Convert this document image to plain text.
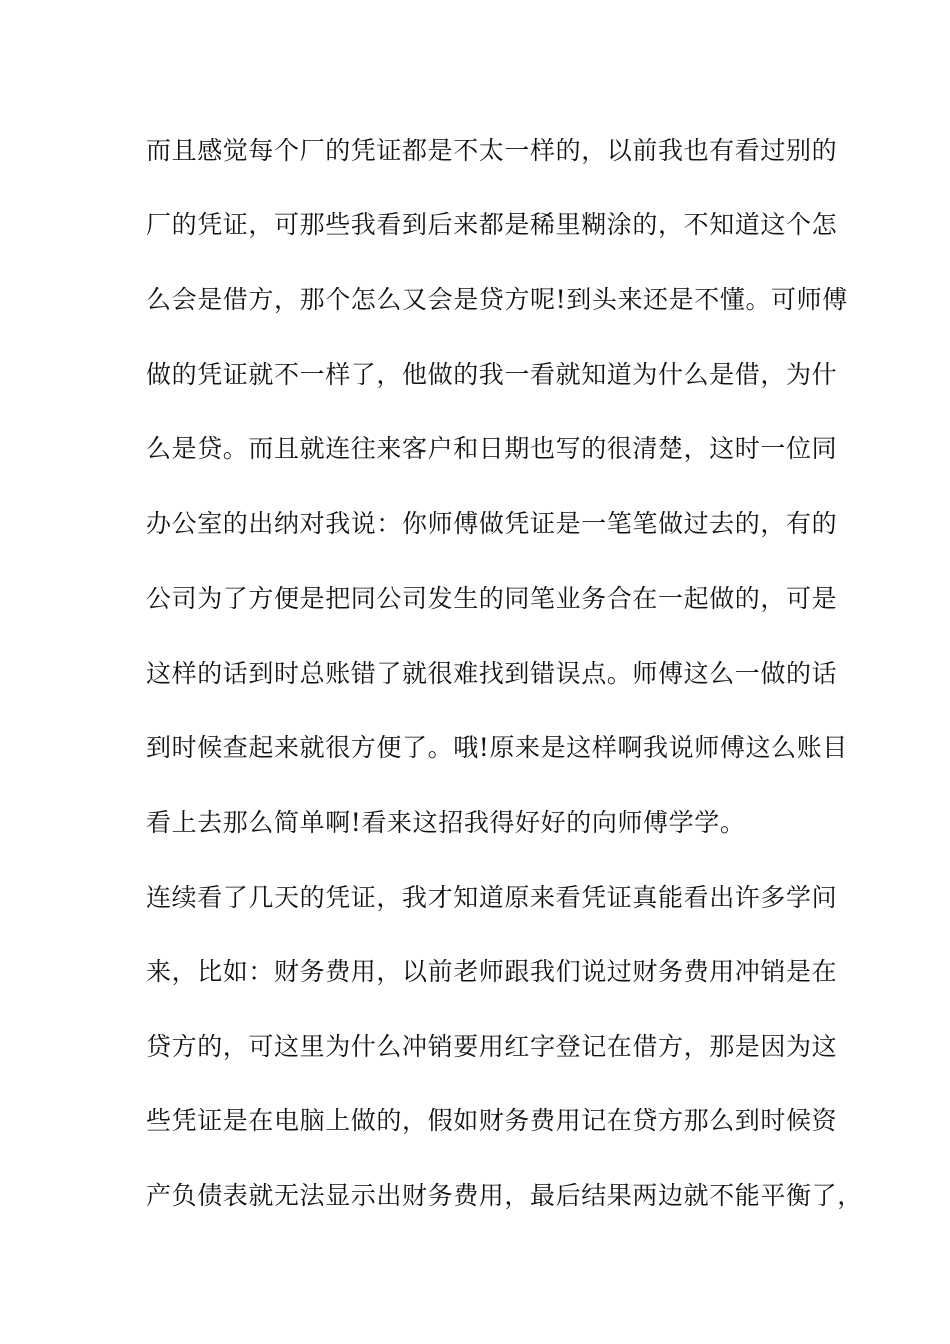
而且感觉每个厂的凭证都是不太一样的，以前我也有看过别的
厂的凭证，可那些我看到后来都是稀里糊涂的，不知道这个怎
么会是借方，那个怎么又会是贷方呢!到头来还是不懂。可师傅
做的凭证就不一样了，他做的我一看就知道为什么是借，为什
么是贷。而且就连往来客户和日期也写的很清楚，这时一位同
办公室的出纳对我说：你师傅做凭证是一笔笔做过去的，有的
公司为了方便是把同公司发生的同笔业务合在一起做的，可是
这样的话到时总账错了就很难找到错误点。师傅这么一做的话
到时候查起来就很方便了。哦!原来是这样啊我说师傅这么账目
看上去那么简单啊!看来这招我得好好的向师傅学学。
连续看了几天的凭证，我才知道原来看凭证真能看出许多学问
来，比如：财务费用，以前老师跟我们说过财务费用冲销是在
贷方的，可这里为什么冲销要用红字登记在借方，那是因为这
些凭证是在电脑上做的，假如财务费用记在贷方那么到时候资
产负债表就无法显示出财务费用，最后结果两边就不能平衡了，
